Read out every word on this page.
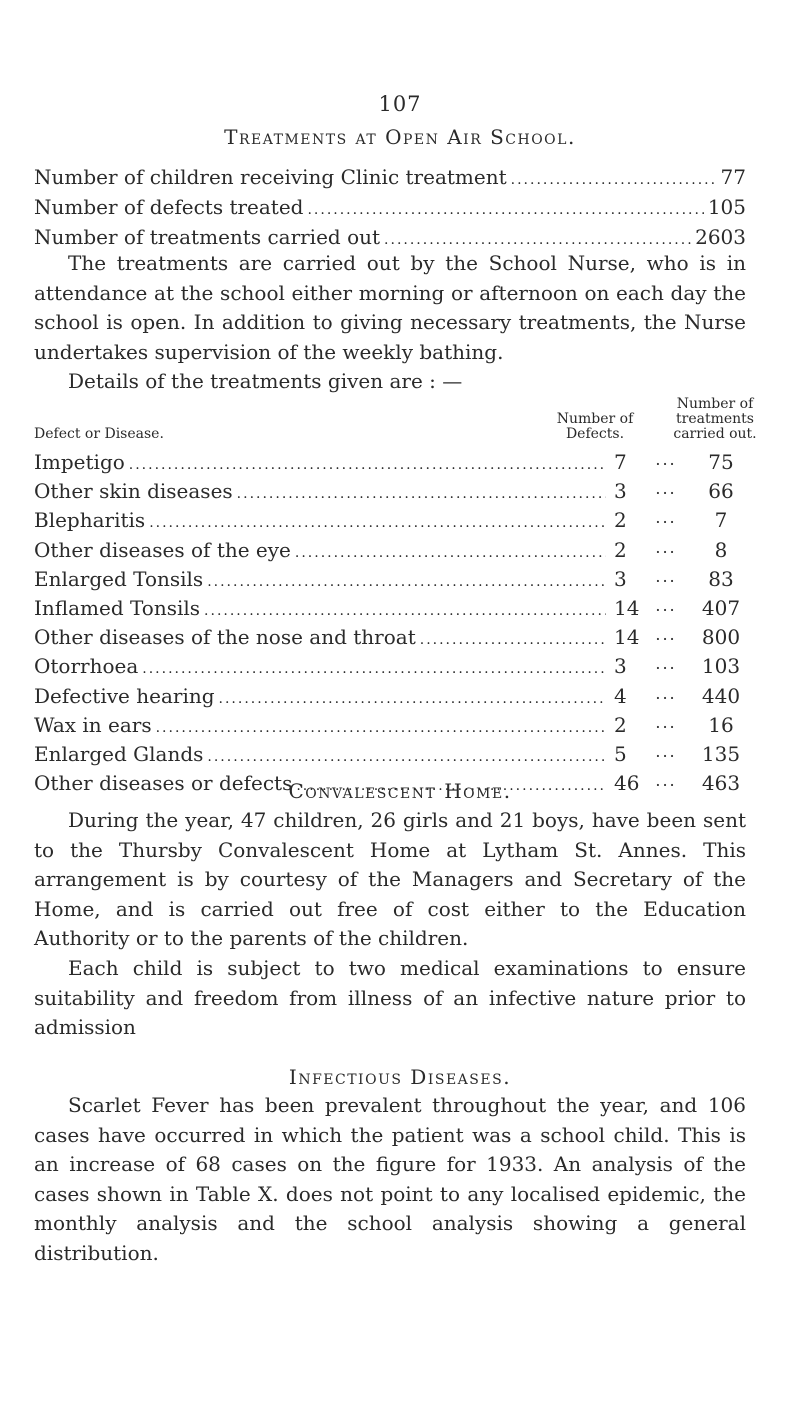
107
Treatments at Open Air School.
Number of children receiving Clinic treatment .....	77
Number of defects treated .....	105
Number of treatments carried out .....	2603

The treatments are carried out by the School Nurse, who is in attendance at the school either morning or afternoon on each day the school is open. In addition to giving necessary treatments, the Nurse undertakes supervision of the weekly bathing.

Details of the treatments given are : —

Defect or Disease.
Number of
Defects.
Number of
treatments
carried out.
Impetigo .....	7	...	75
Other skin diseases .....	3	...	66
Blepharitis .....	2	...	7
Other diseases of the eye .....	2	...	8
Enlarged Tonsils .....	3	...	83
Inflamed Tonsils .....	14 ...	407
Other diseases of the nose and throat .....	14 ...	800
Otorrhoea .....	3	...	103
Defective hearing .....	4	...	440
Wax in ears .....	2	...	16
Enlarged Glands .....	5	...	135
Other diseases or defects .....	46 ...	463
Convalescent Home.

During the year, 47 children, 26 girls and 21 boys, have been sent to the Thursby Convalescent Home at Lytham St. Annes. This arrangement is by courtesy of the Managers and Secretary of the Home, and is carried out free of cost either to the Education Authority or to the parents of the children.

Each child is subject to two medical examinations to ensure suitability and freedom from illness of an infective nature prior to admission

Infectious Diseases.

Scarlet Fever has been prevalent throughout the year, and 106 cases have occurred in which the patient was a school child. This is an increase of 68 cases on the figure for 1933. An analysis of the cases shown in Table X. does not point to any localised epidemic, the monthly analysis and the school analysis showing a general distribution.
